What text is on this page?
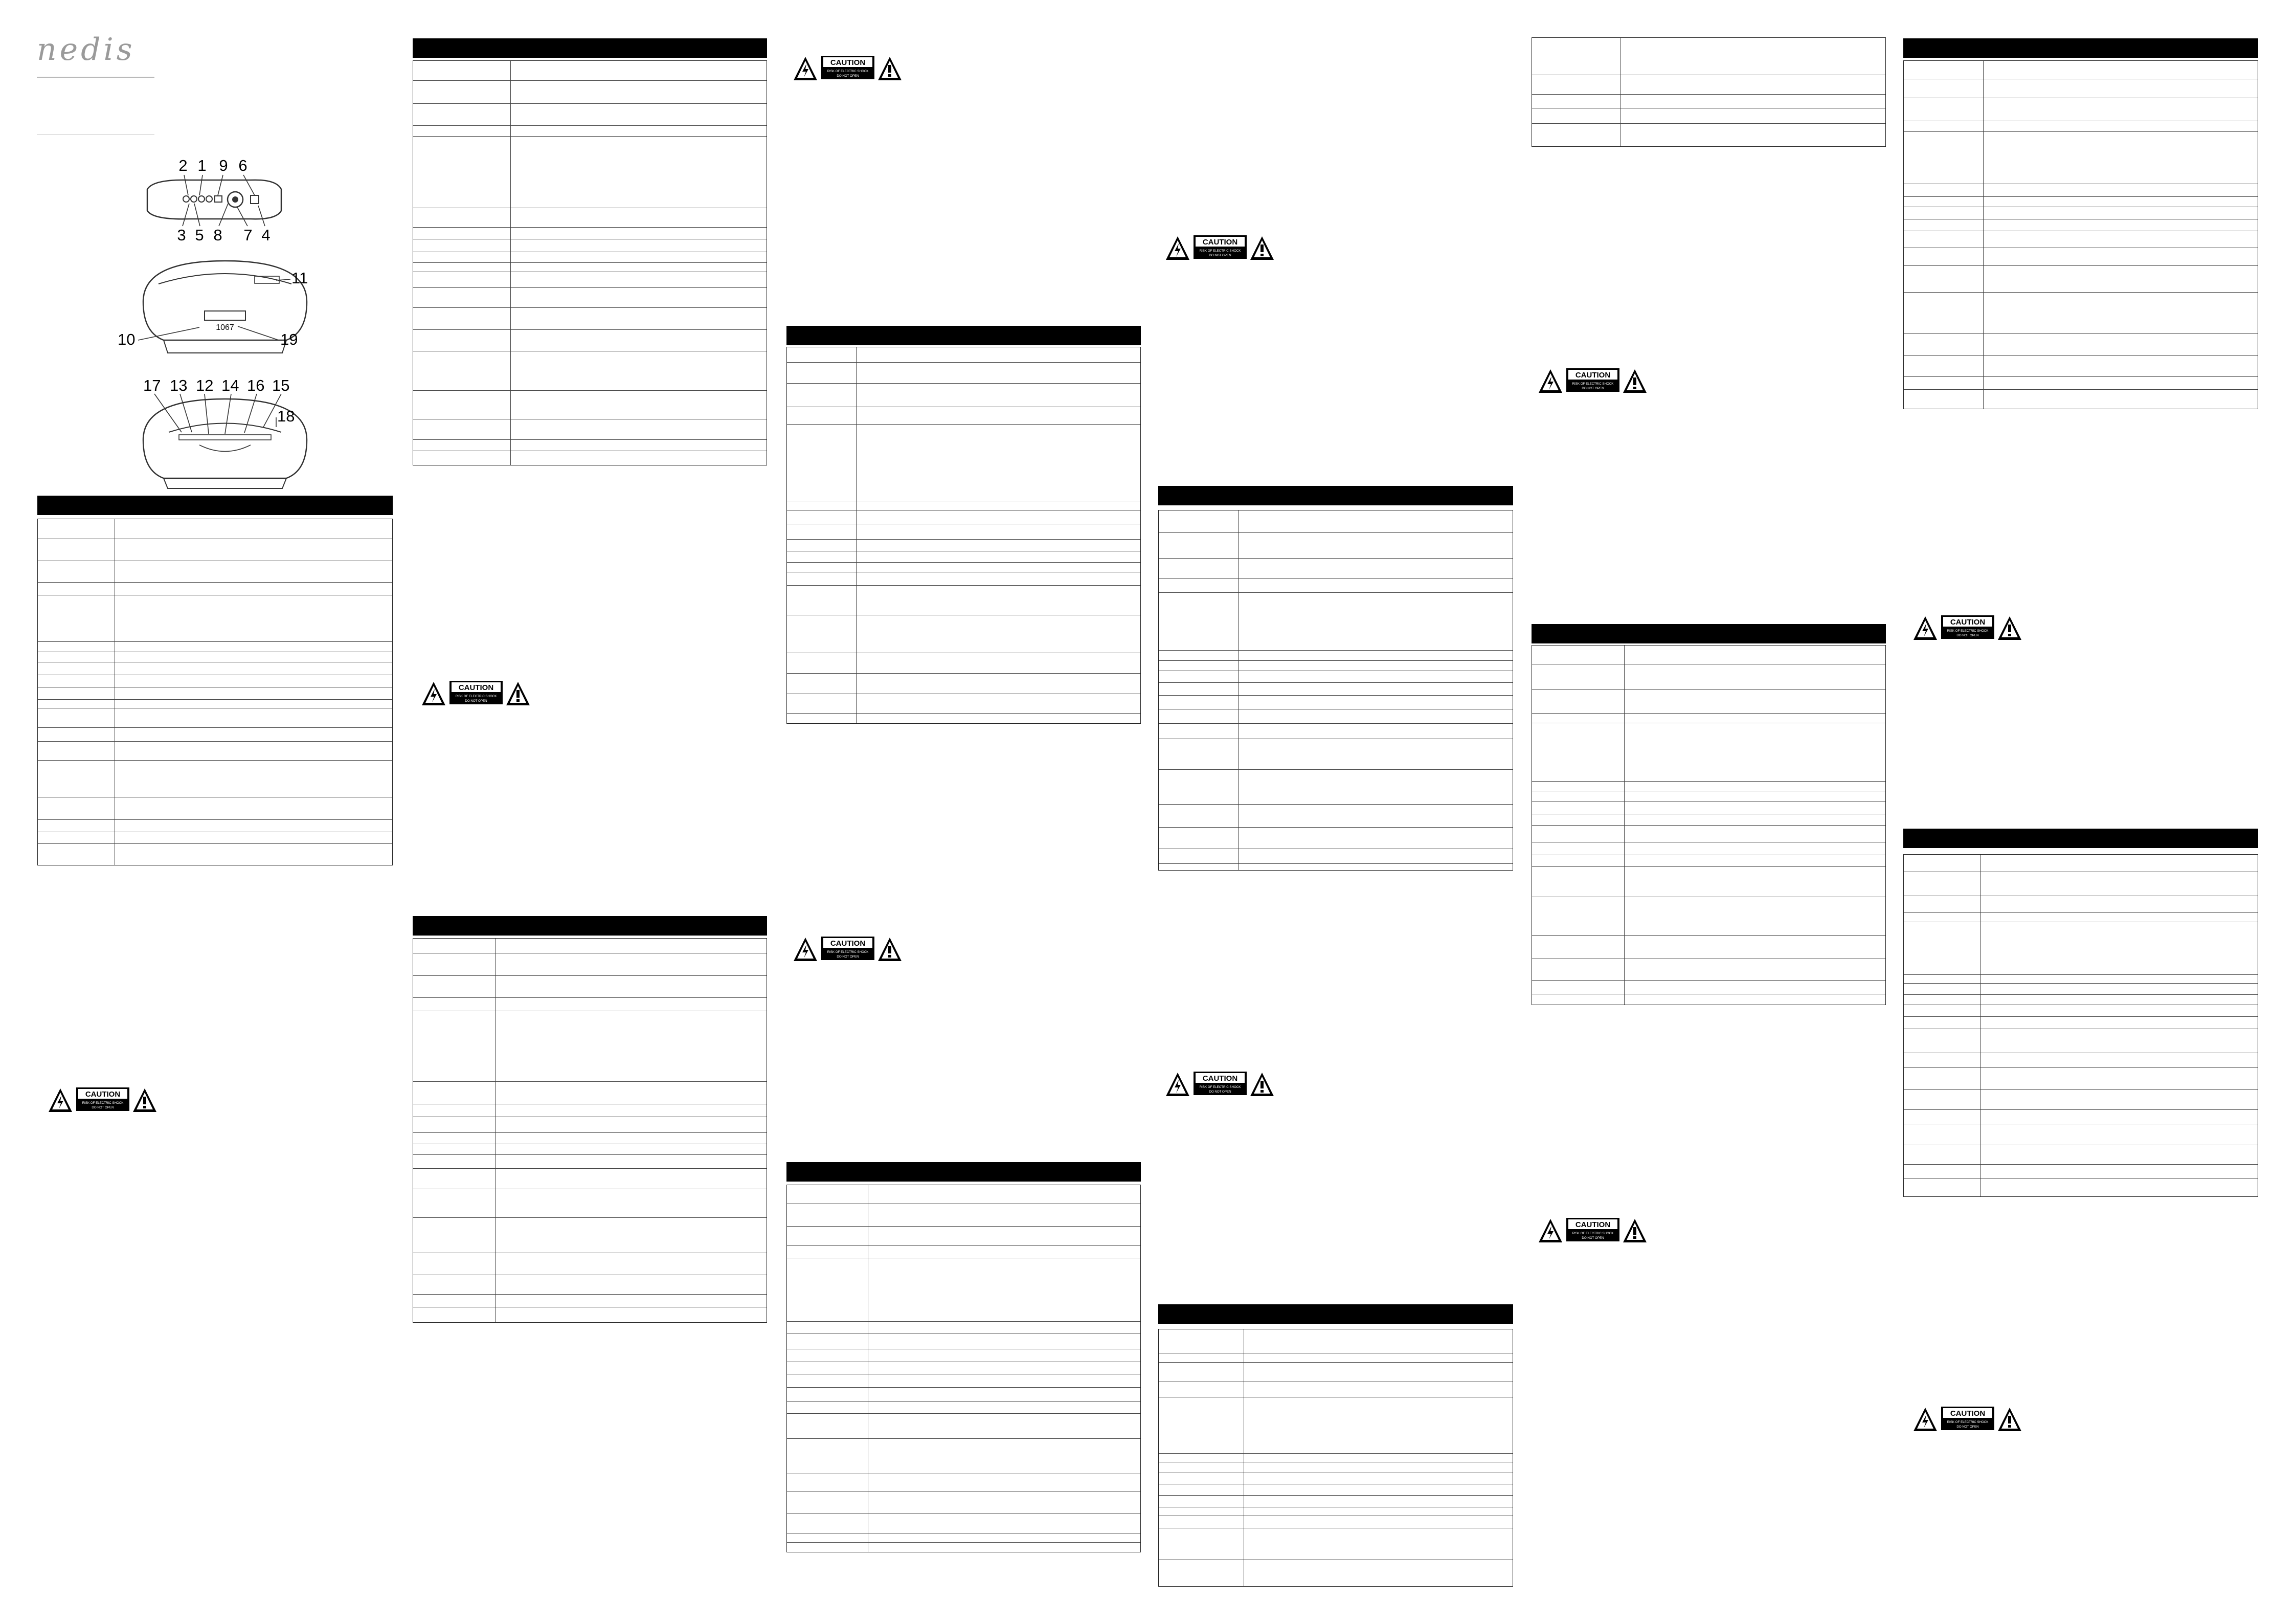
nedis
2 1 9 6
3 5 8 7 4
1067
11
10	19
17 13 12 14 16 15
18
CAUTION
RISK OF ELECTRIC SHOCK
DO NOT OPEN
CAUTION
RISK OF ELECTRIC SHOCK
DO NOT OPEN
CAUTION
RISK OF ELECTRIC SHOCK
DO NOT OPEN
CAUTION
RISK OF ELECTRIC SHOCK
DO NOT OPEN
CAUTION
RISK OF ELECTRIC SHOCK
DO NOT OPEN
CAUTION
RISK OF ELECTRIC SHOCK
DO NOT OPEN
CAUTION
RISK OF ELECTRIC SHOCK
DO NOT OPEN
CAUTION
RISK OF ELECTRIC SHOCK
DO NOT OPEN
CAUTION
RISK OF ELECTRIC SHOCK
DO NOT OPEN
CAUTION
RISK OF ELECTRIC SHOCK
DO NOT OPEN
